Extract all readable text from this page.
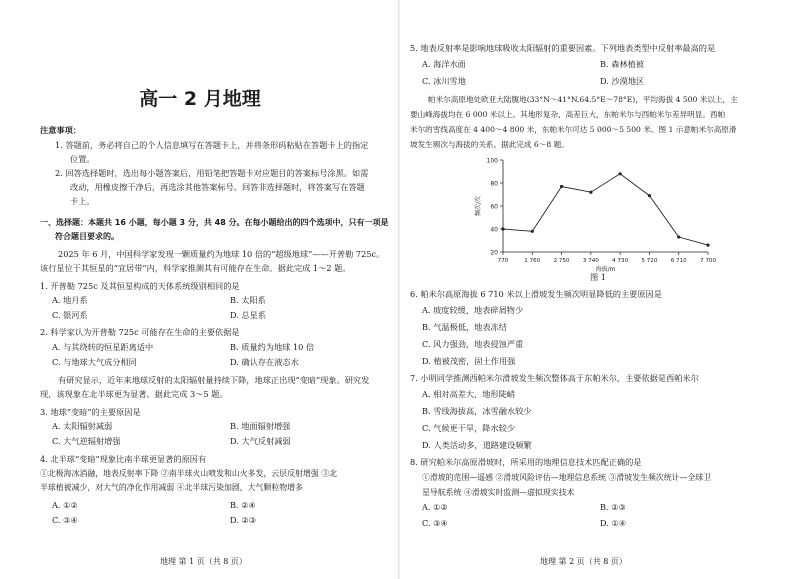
高一 2 月地理
注意事项：
1. 答题前，务必将自己的个人信息填写在答题卡上，并将条形码粘贴在答题卡上的指定
位置。
2. 回答选择题时，选出每小题答案后，用铅笔把答题卡对应题目的答案标号涂黑。如需
改动，用橡皮擦干净后，再选涂其他答案标号。回答非选择题时，将答案写在答题
卡上。
一、选择题：本题共 16 小题，每小题 3 分，共 48 分。在每小题给出的四个选项中，只有一项是
符合题目要求的。
2025 年 6 月，中国科学家发现一颗质量约为地球 10 倍的“超级地球”——开普勒 725c。
该行星位于其恒星的“宜居带”内，科学家推测其有可能存在生命。据此完成 1～2 题。
1. 开普勒 725c 及其恒星构成的天体系统级别相同的是
A. 地月系	B. 太阳系
C. 银河系	D. 总星系
2. 科学家认为开普勒 725c 可能存在生命的主要依据是
A. 与其绕转的恒星距离适中	B. 质量约为地球 10 倍
C. 与地球大气成分相同	D. 确认存在液态水
有研究显示，近年来地球反射的太阳辐射量持续下降，地球正出现“变暗”现象。研究发
现，该现象在北半球更为显著。据此完成 3～5 题。
3. 地球“变暗”的主要原因是
A. 太阳辐射减弱	B. 地面辐射增强
C. 大气逆辐射增强	D. 大气反射减弱
4. 北半球“变暗”现象比南半球更显著的原因有
①北极海冰消融，地表反射率下降 ②南半球火山喷发和山火多发，云层反射增强 ③北
半球植被减少，对大气的净化作用减弱 ④北半球污染加剧，大气颗粒物增多
A. ①②	B. ②④
C. ③④	D. ②③
地理 第 1 页（共 8 页）
5. 地表反射率是影响地球吸收太阳辐射的重要因素。下列地表类型中反射率最高的是
A. 海洋水面	B. 森林植被
C. 冰川雪地	D. 沙漠地区
帕米尔高原地处欧亚大陆腹地(33°N～41°N,64.5°E～78°E)，平均海拔 4 500 米以上，主
要山峰海拔均在 6 000 米以上。其地形复杂，高差巨大，东帕米尔与西帕米尔差异明显。西帕
米尔的雪线高度在 4 400～4 800 米，东帕米尔可达 5 000～5 500 米。图 1 示意帕米尔高原滑
坡发生频次与海拔的关系。据此完成 6～8 题。
20
40
60
80
100
770	1 760 2 750 3 740 4 730 5 720 6 710 7 700
频次/次
海拔/m
图 1
6. 帕米尔高原海拔 6 710 米以上滑坡发生频次明显降低的主要原因是
A. 坡度较缓，地表碎屑物少
B. 气温极低，地表冻结
C. 风力强劲，地表侵蚀严重
D. 植被茂密，固土作用强
7. 小明同学推测西帕米尔滑坡发生频次整体高于东帕米尔，主要依据是西帕米尔
A. 相对高差大，地形陡峭
B. 雪线海拔高，冰雪融水较少
C. 气候更干旱，降水较少
D. 人类活动多，道路建设频繁
8. 研究帕米尔高原滑坡时，所采用的地理信息技术匹配正确的是
①滑坡的范围—遥感 ②滑坡风险评估—地理信息系统 ③滑坡发生频次统计—全球卫
星导航系统 ④滑坡实时监测—虚拟现实技术
A. ①②	B. ②③
C. ③④	D. ①④
地理 第 2 页（共 8 页）
